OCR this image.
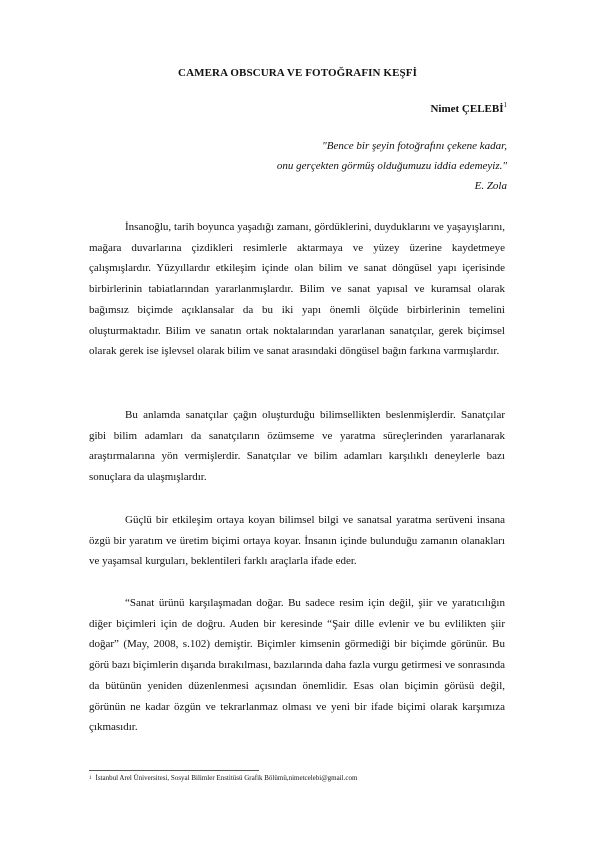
CAMERA OBSCURA VE FOTOĞRAFIN KEŞFİ
Nimet ÇELEBİ$^1$
"Bence bir şeyin fotoğrafını çekene kadar,
onu gerçekten görmüş olduğumuzu iddia edemeyiz."
E. Zola

İnsanoğlu, tarih boyunca yaşadığı zamanı, gördüklerini, duyduklarını ve yaşayışlarını, mağara duvarlarına çizdikleri resimlerle aktarmaya ve yüzey üzerine kaydetmeye çalışmışlardır. Yüzyıllardır etkileşim içinde olan bilim ve sanat döngüsel yapı içerisinde birbirlerinin tabiatlarından yararlanmışlardır. Bilim ve sanat yapısal ve kuramsal olarak bağımsız biçimde açıklansalar da bu iki yapı önemli ölçüde birbirlerinin temelini oluşturmaktadır. Bilim ve sanatın ortak noktalarından yararlanan sanatçılar, gerek biçimsel olarak gerek ise işlevsel olarak bilim ve sanat arasındaki döngüsel bağın farkına varmışlardır.

Bu anlamda sanatçılar çağın oluşturduğu bilimsellikten beslenmişlerdir. Sanatçılar gibi bilim adamları da sanatçıların özümseme ve yaratma süreçlerinden yararlanarak araştırmalarına yön vermişlerdir. Sanatçılar ve bilim adamları karşılıklı deneylerle bazı sonuçlara da ulaşmışlardır.

Güçlü bir etkileşim ortaya koyan bilimsel bilgi ve sanatsal yaratma serüveni insana özgü bir yaratım ve üretim biçimi ortaya koyar. İnsanın içinde bulunduğu zamanın olanakları ve yaşamsal kurguları, beklentileri farklı araçlarla ifade eder.

“Sanat ürünü karşılaşmadan doğar. Bu sadece resim için değil, şiir ve yaratıcılığın diğer biçimleri için de doğru. Auden bir keresinde “Şair dille evlenir ve bu evlilikten şiir doğar” (May, 2008, s.102) demiştir. Biçimler kimsenin görmediği bir biçimde görünür. Bu görü bazı biçimlerin dışarıda bırakılması, bazılarında daha fazla vurgu getirmesi ve sonrasında da bütünün yeniden düzenlenmesi açısından önemlidir. Esas olan biçimin görüsü değil, görünün ne kadar özgün ve tekrarlanmaz olması ve yeni bir ifade biçimi olarak karşımıza çıkmasıdır.

$^1$ İstanbul Arel Üniversitesi, Sosyal Bilimler Enstitüsü Grafik Bölümü,nimetcelebi@gmail.com
